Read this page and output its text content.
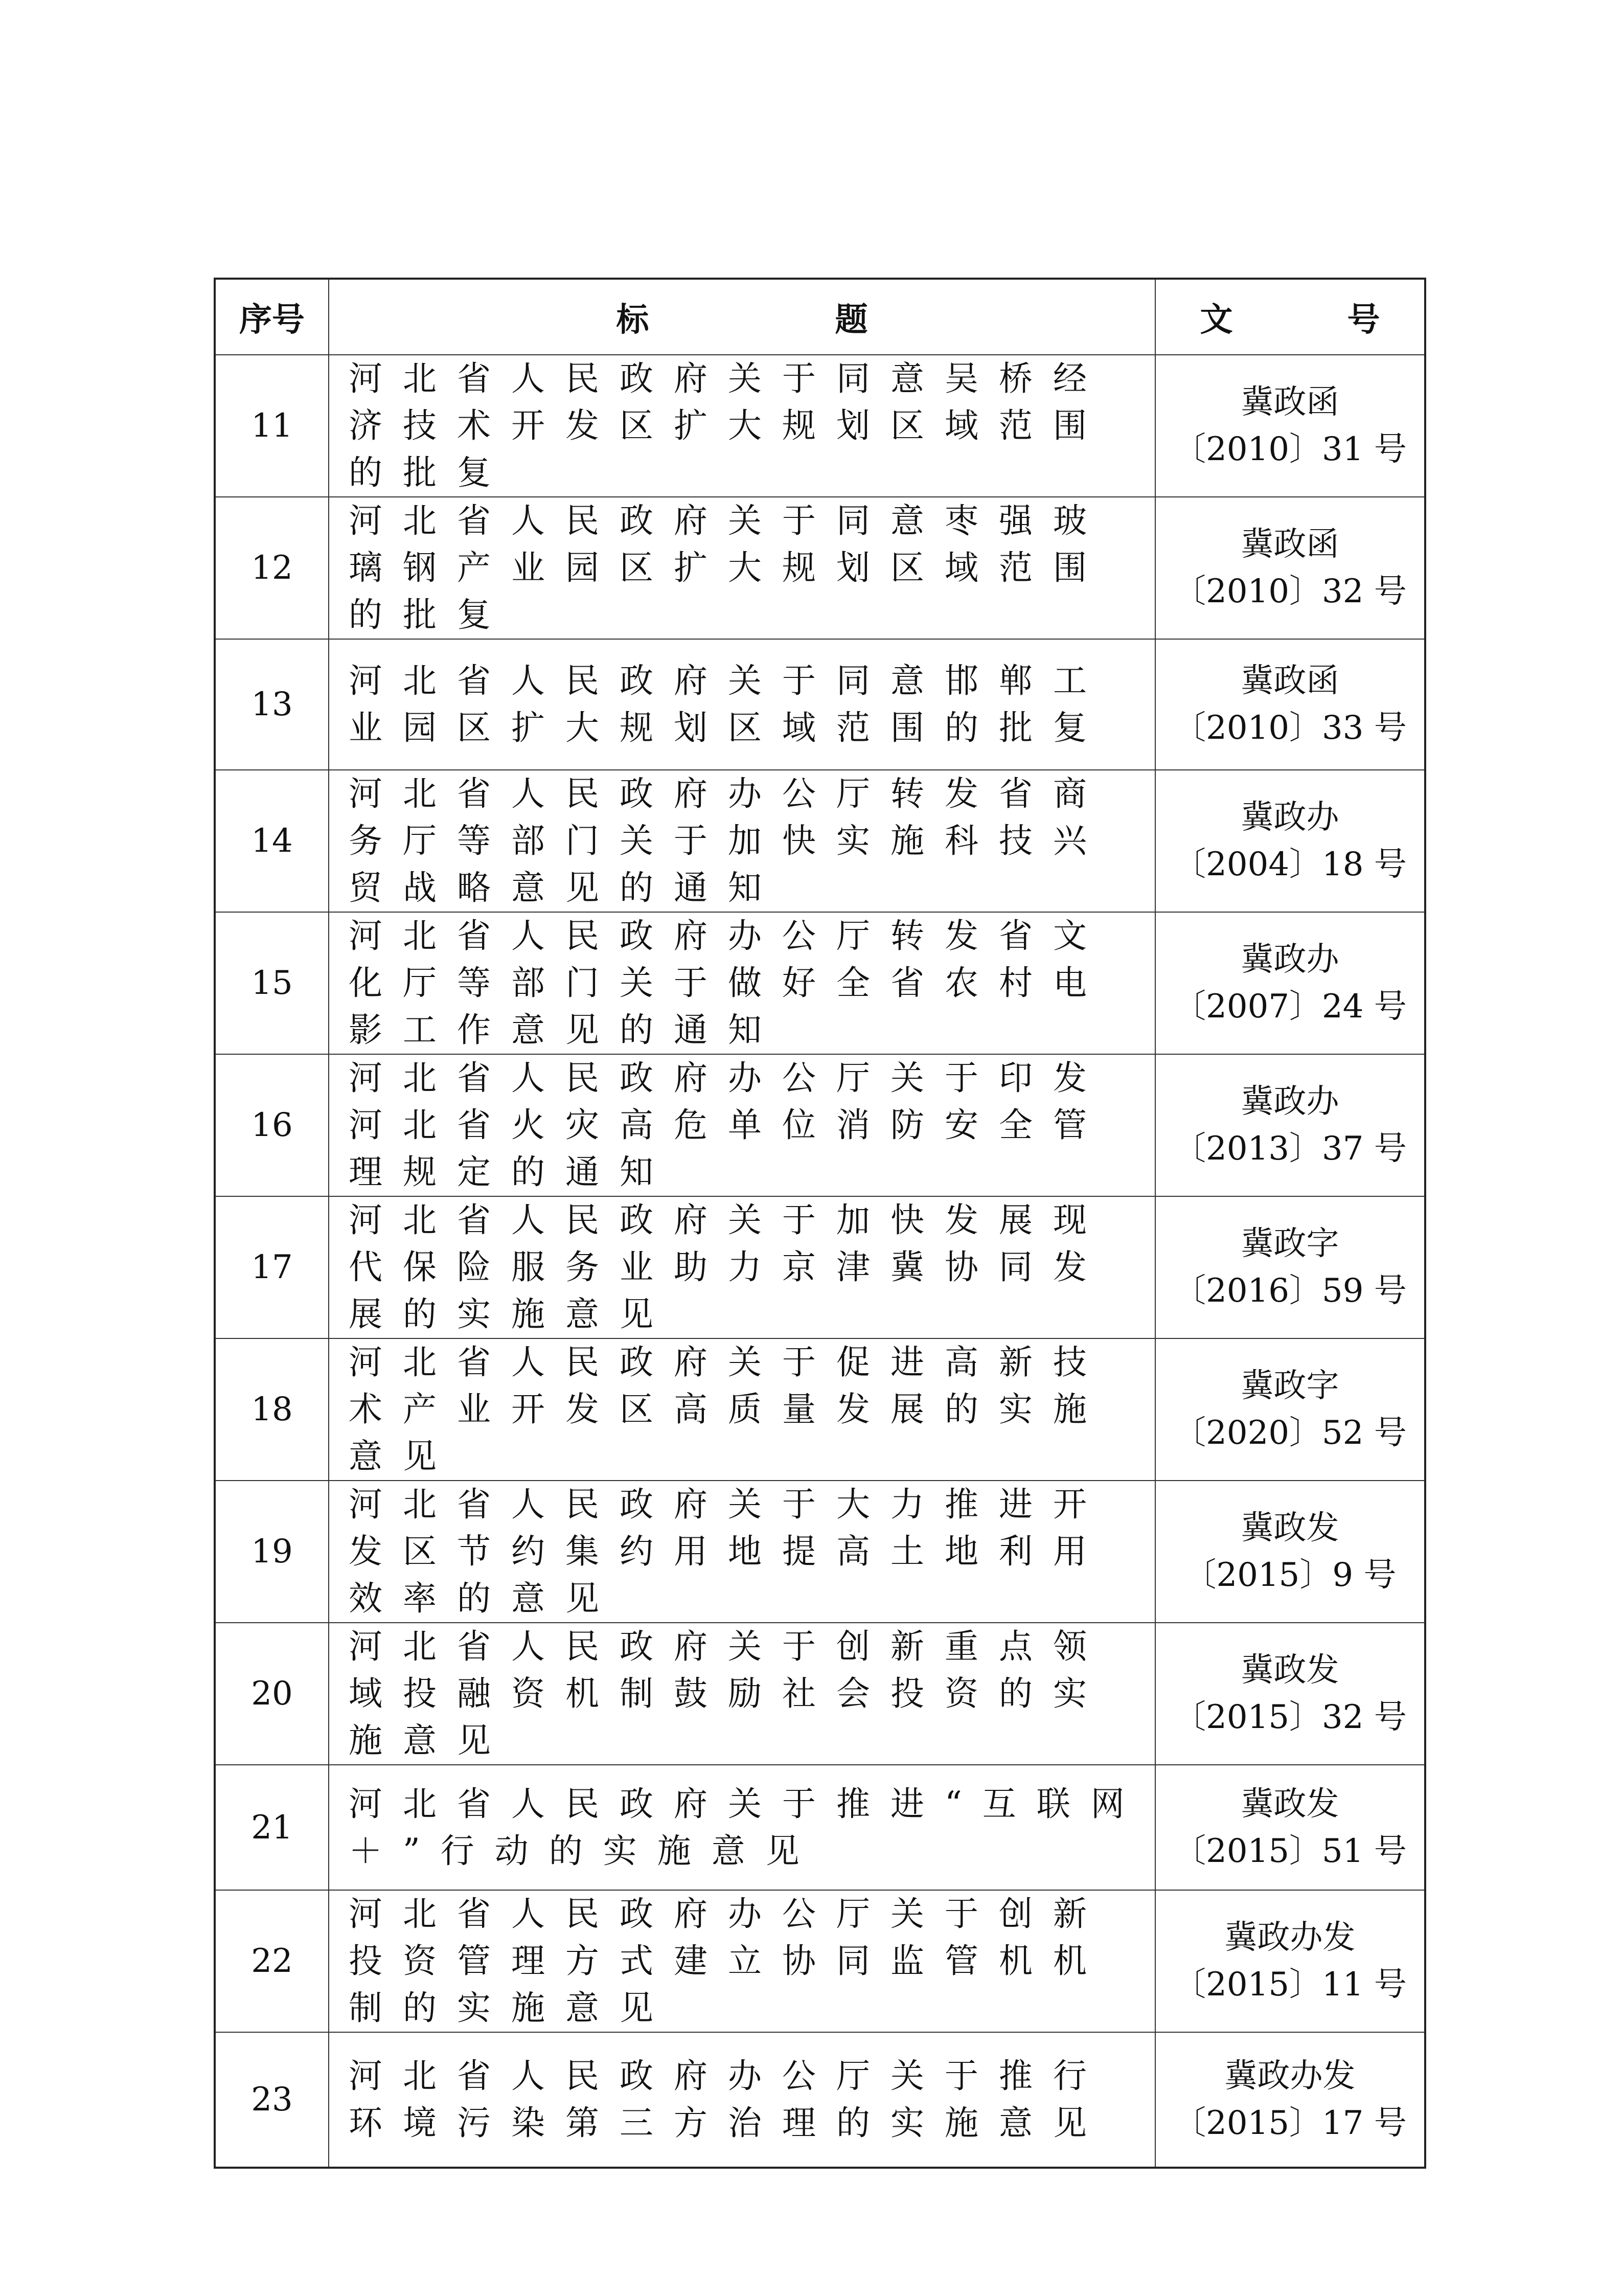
序号	标　题	文　号
11	河北省人民政府关于同意吴桥经济技术开发区扩大规划区域范围的批复	冀政函
〔2010〕31 号

12	河北省人民政府关于同意枣强玻璃钢产业园区扩大规划区域范围的批复	冀政函
〔2010〕32 号

13	河北省人民政府关于同意邯郸工业园区扩大规划区域范围的批复	冀政函
〔2010〕33 号

14	河北省人民政府办公厅转发省商务厅等部门关于加快实施科技兴贸战略意见的通知	冀政办
〔2004〕18 号

15	河北省人民政府办公厅转发省文化厅等部门关于做好全省农村电影工作意见的通知	冀政办
〔2007〕24 号

16	河北省人民政府办公厅关于印发河北省火灾高危单位消防安全管理规定的通知	冀政办
〔2013〕37 号

17	河北省人民政府关于加快发展现代保险服务业助力京津冀协同发展的实施意见	冀政字
〔2016〕59 号

18	河北省人民政府关于促进高新技术产业开发区高质量发展的实施意见	冀政字
〔2020〕52 号

19	河北省人民政府关于大力推进开发区节约集约用地提高土地利用效率的意见	冀政发
〔2015〕9 号

20	河北省人民政府关于创新重点领域投融资机制鼓励社会投资的实施意见	冀政发
〔2015〕32 号

21	河北省人民政府关于推进“互联网＋”行动的实施意见	冀政发
〔2015〕51 号

22	河北省人民政府办公厅关于创新投资管理方式建立协同监管机机制的实施意见	冀政办发
〔2015〕11 号

23	河北省人民政府办公厅关于推行环境污染第三方治理的实施意见	冀政办发
〔2015〕17 号
